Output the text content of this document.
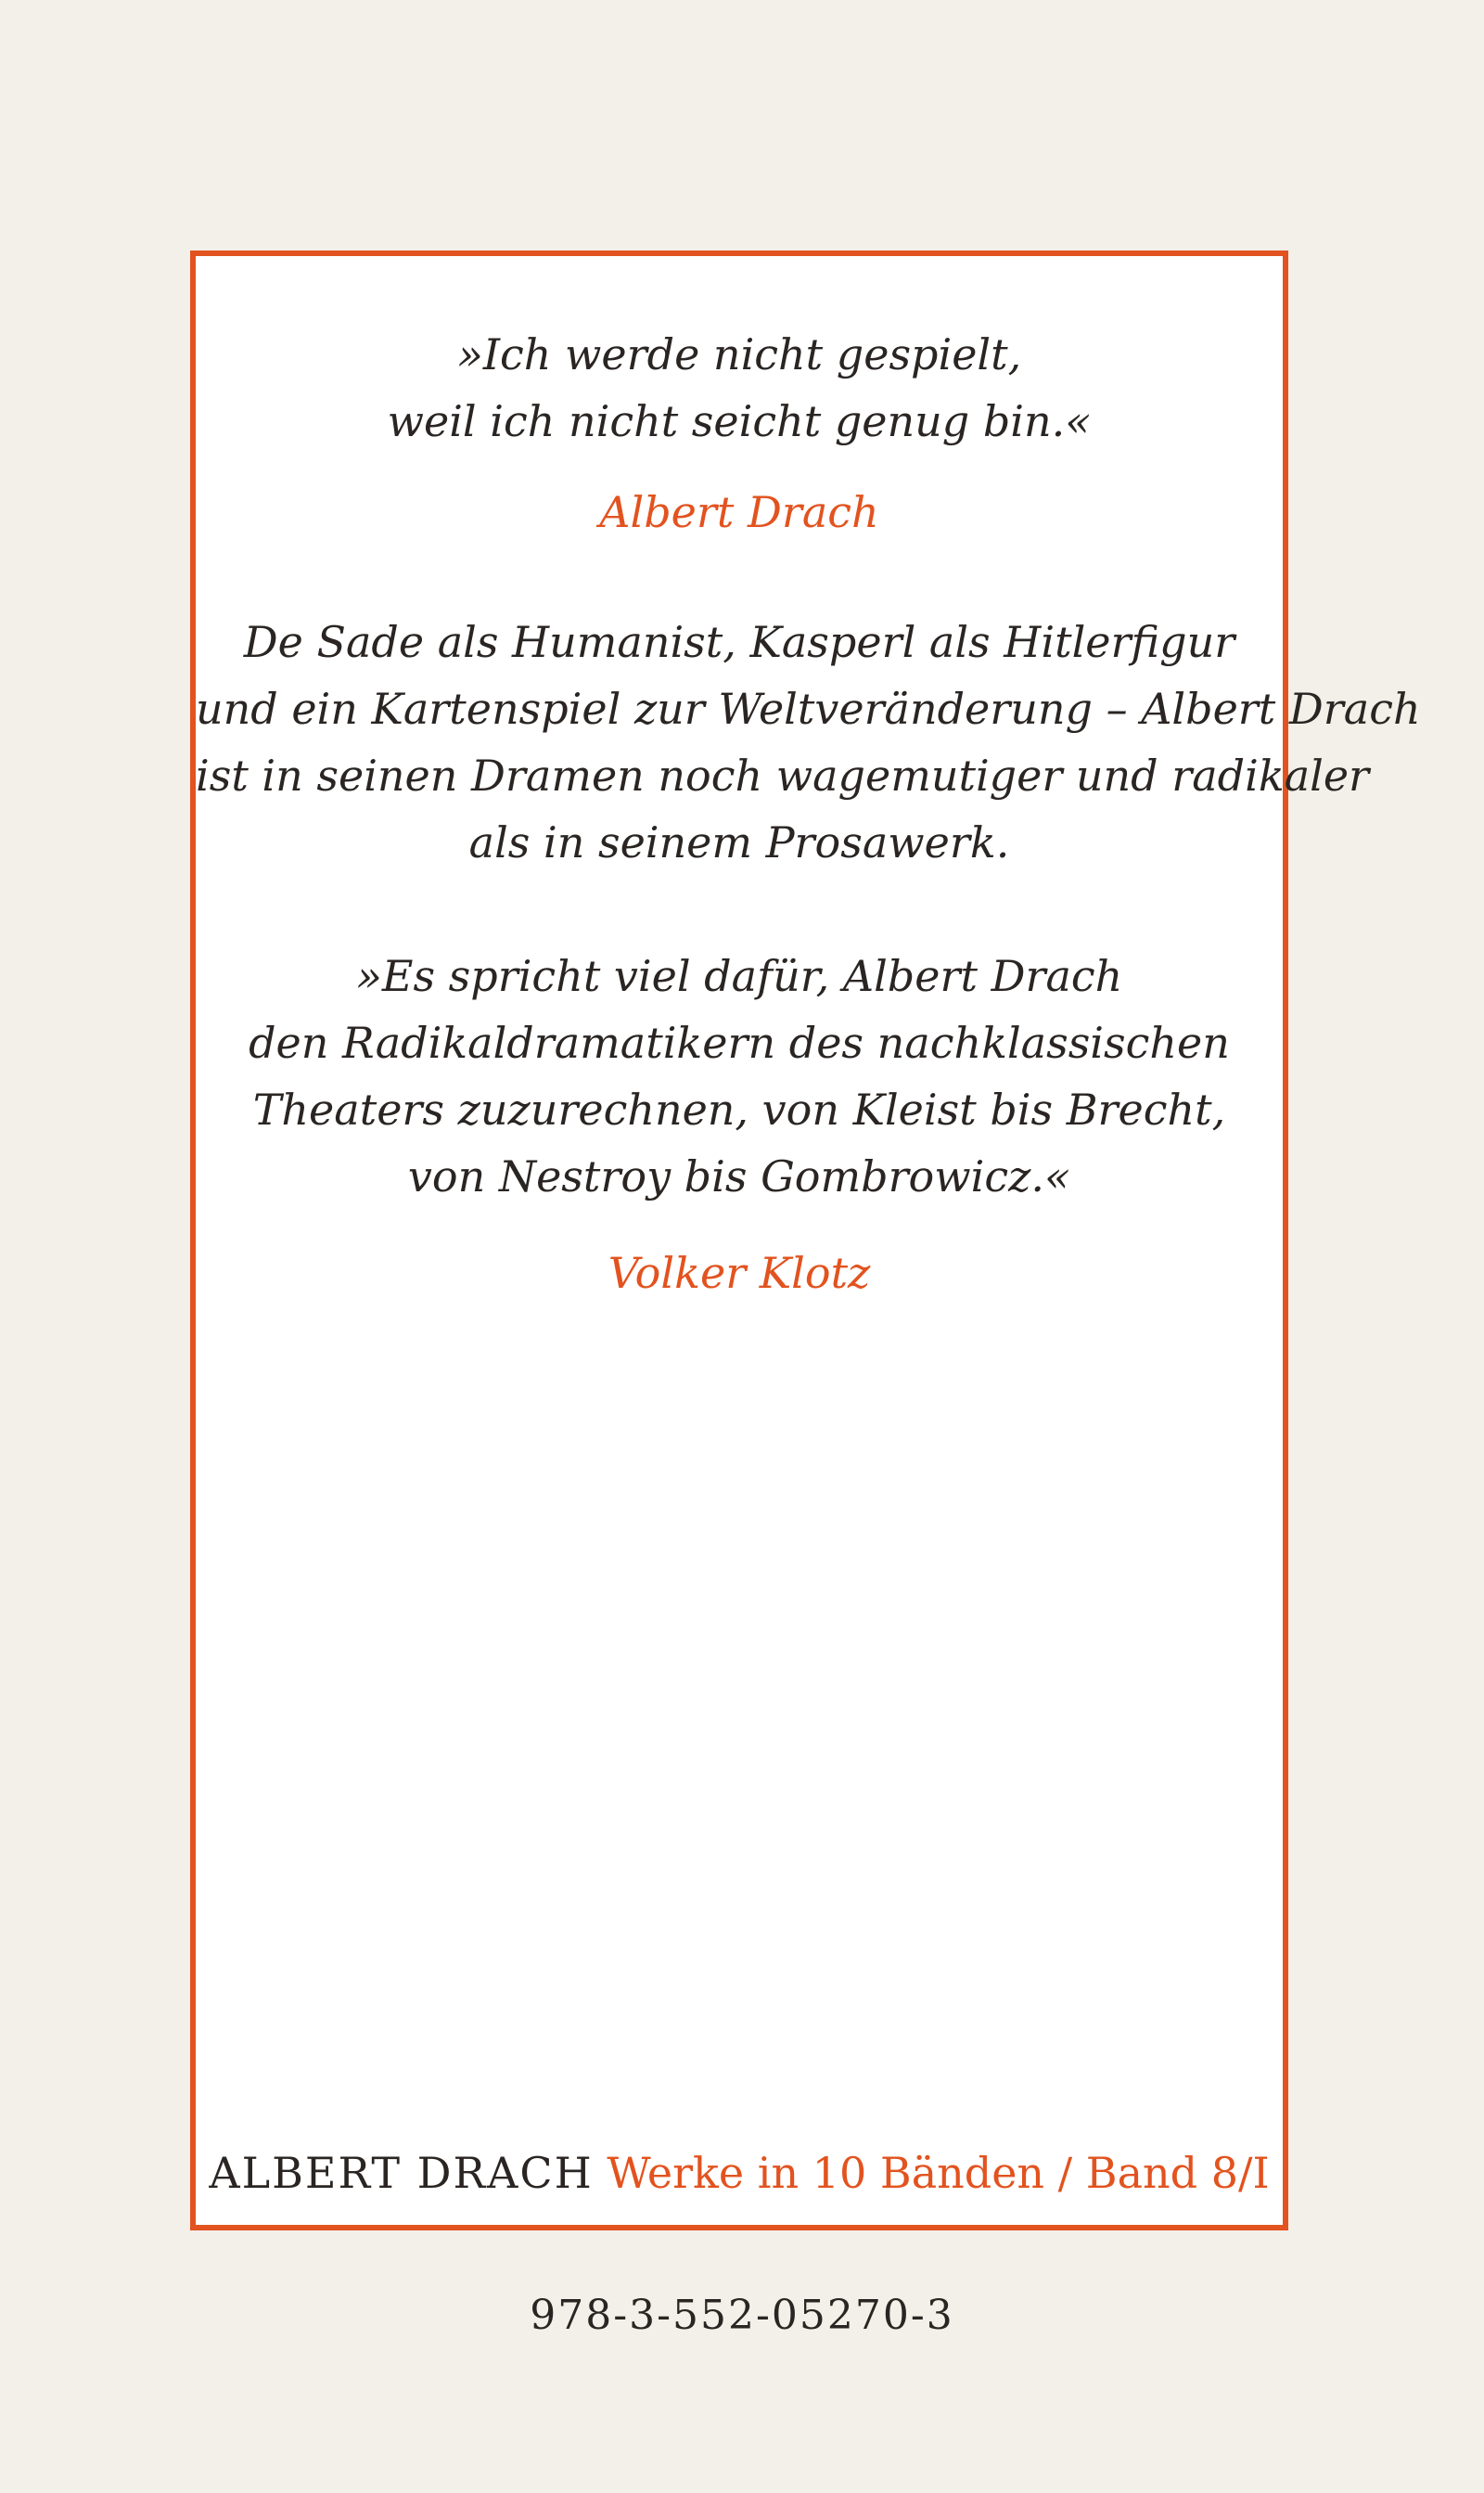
»Ich werde nicht gespielt,
weil ich nicht seicht genug bin.«
Albert Drach
De Sade als Humanist, Kasperl als Hitlerfigur
und ein Kartenspiel zur Weltveränderung – Albert Drach
ist in seinen Dramen noch wagemutiger und radikaler
als in seinem Prosawerk.
»Es spricht viel dafür, Albert Drach
den Radikaldramatikern des nachklassischen
Theaters zuzurechnen, von Kleist bis Brecht,
von Nestroy bis Gombrowicz.«
Volker Klotz
ALBERT DRACH Werke in 10 Bänden / Band 8/I
978-3-552-05270-3
